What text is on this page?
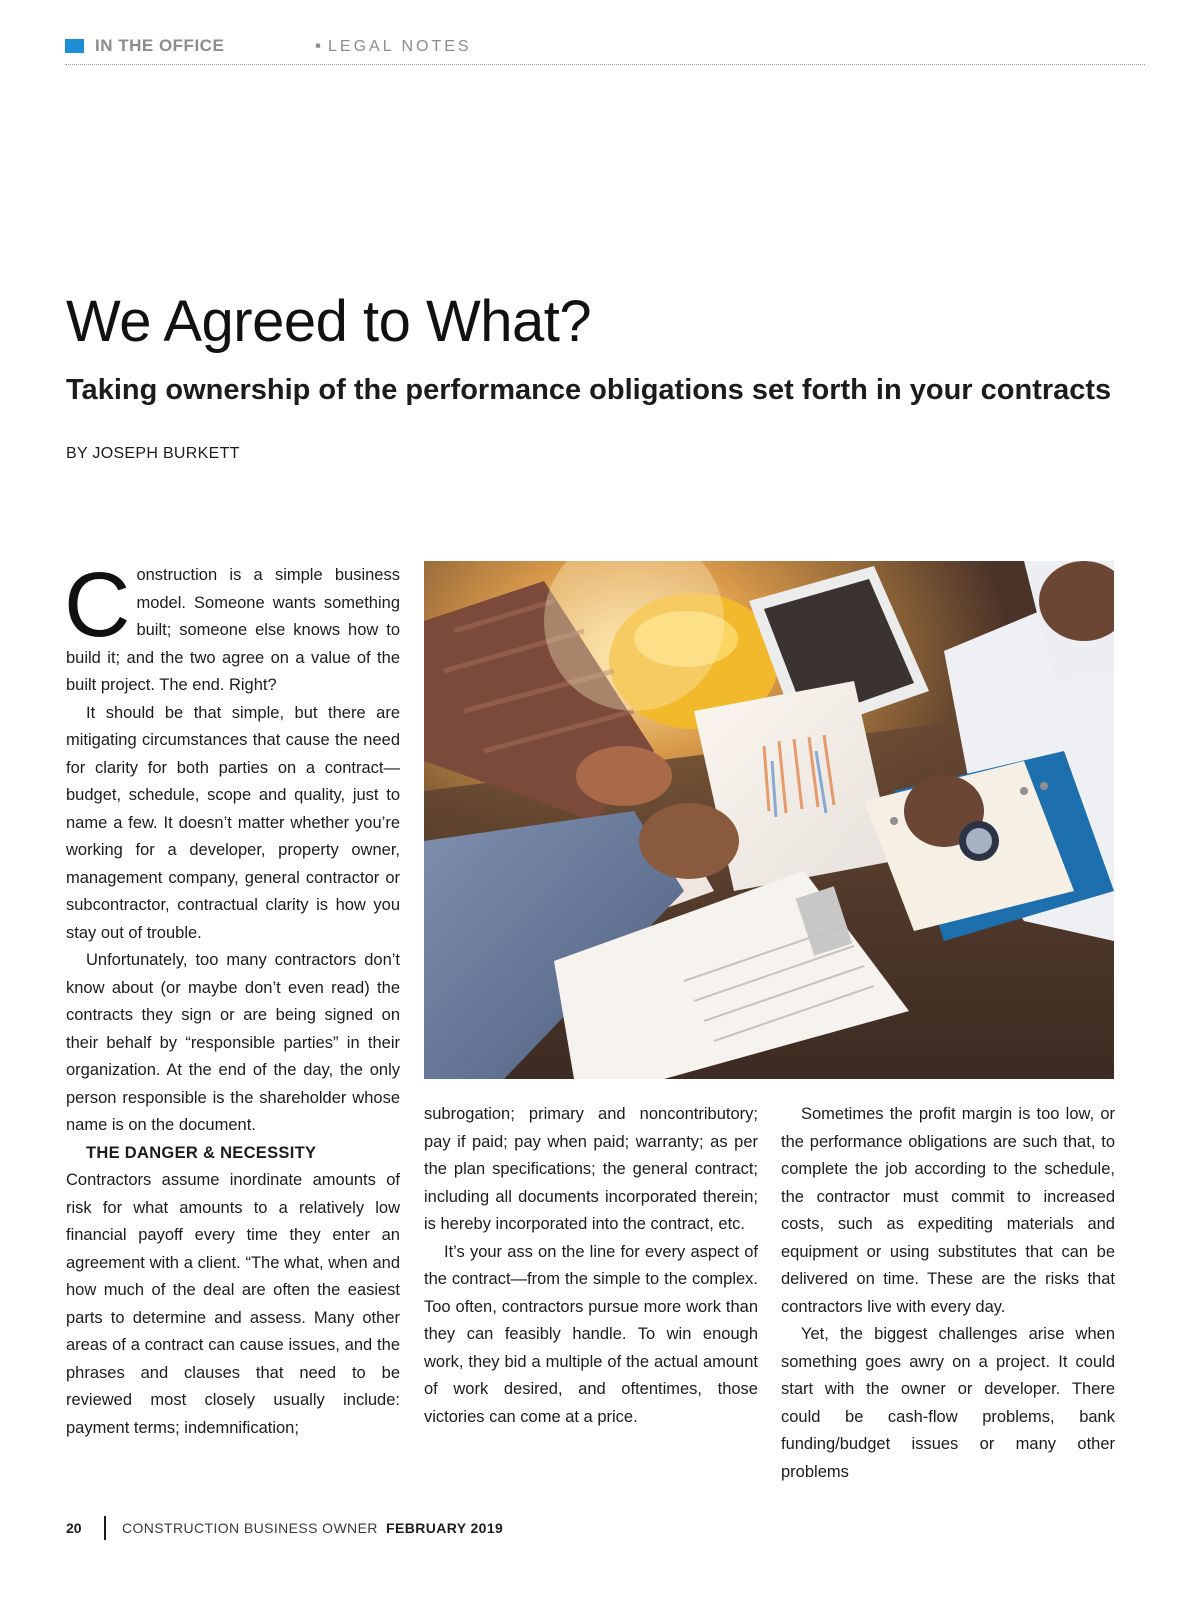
IN THE OFFICE	▪ LEGAL NOTES
We Agreed to What?
Taking ownership of the performance obligations set forth in your contracts
BY JOSEPH BURKETT

Construction is a simple business model. Someone wants something built; someone else knows how to build it; and the two agree on a value of the built project. The end. Right?

It should be that simple, but there are mitigating circumstances that cause the need for clarity for both parties on a contract—budget, schedule, scope and quality, just to name a few. It doesn’t matter whether you’re working for a developer, property owner, management company, general contractor or subcontractor, contractual clarity is how you stay out of trouble.

Unfortunately, too many contractors don’t know about (or maybe don’t even read) the contracts they sign or are being signed on their behalf by “responsible parties” in their organization. At the end of the day, the only person responsible is the shareholder whose name is on the document.

THE DANGER & NECESSITY

Contractors assume inordinate amounts of risk for what amounts to a relatively low financial payoff every time they enter an agreement with a client. “The what, when and how much of the deal are often the easiest parts to determine and assess. Many other areas of a contract can cause issues, and the phrases and clauses that need to be reviewed most closely usually include: payment terms; indemnification;

subrogation; primary and noncontributory; pay if paid; pay when paid; warranty; as per the plan specifications; the general contract; including all documents incorporated therein; is hereby incorporated into the contract, etc.

It’s your ass on the line for every aspect of the contract—from the simple to the complex. Too often, contractors pursue more work than they can feasibly handle. To win enough work, they bid a multiple of the actual amount of work desired, and oftentimes, those victories can come at a price.

Sometimes the profit margin is too low, or the performance obligations are such that, to complete the job according to the schedule, the contractor must commit to increased costs, such as expediting materials and equipment or using substitutes that can be delivered on time. These are the risks that contractors live with every day.

Yet, the biggest challenges arise when something goes awry on a project. It could start with the owner or developer. There could be cash-flow problems, bank funding/budget issues or many other problems

20	CONSTRUCTION BUSINESS OWNER FEBRUARY 2019
